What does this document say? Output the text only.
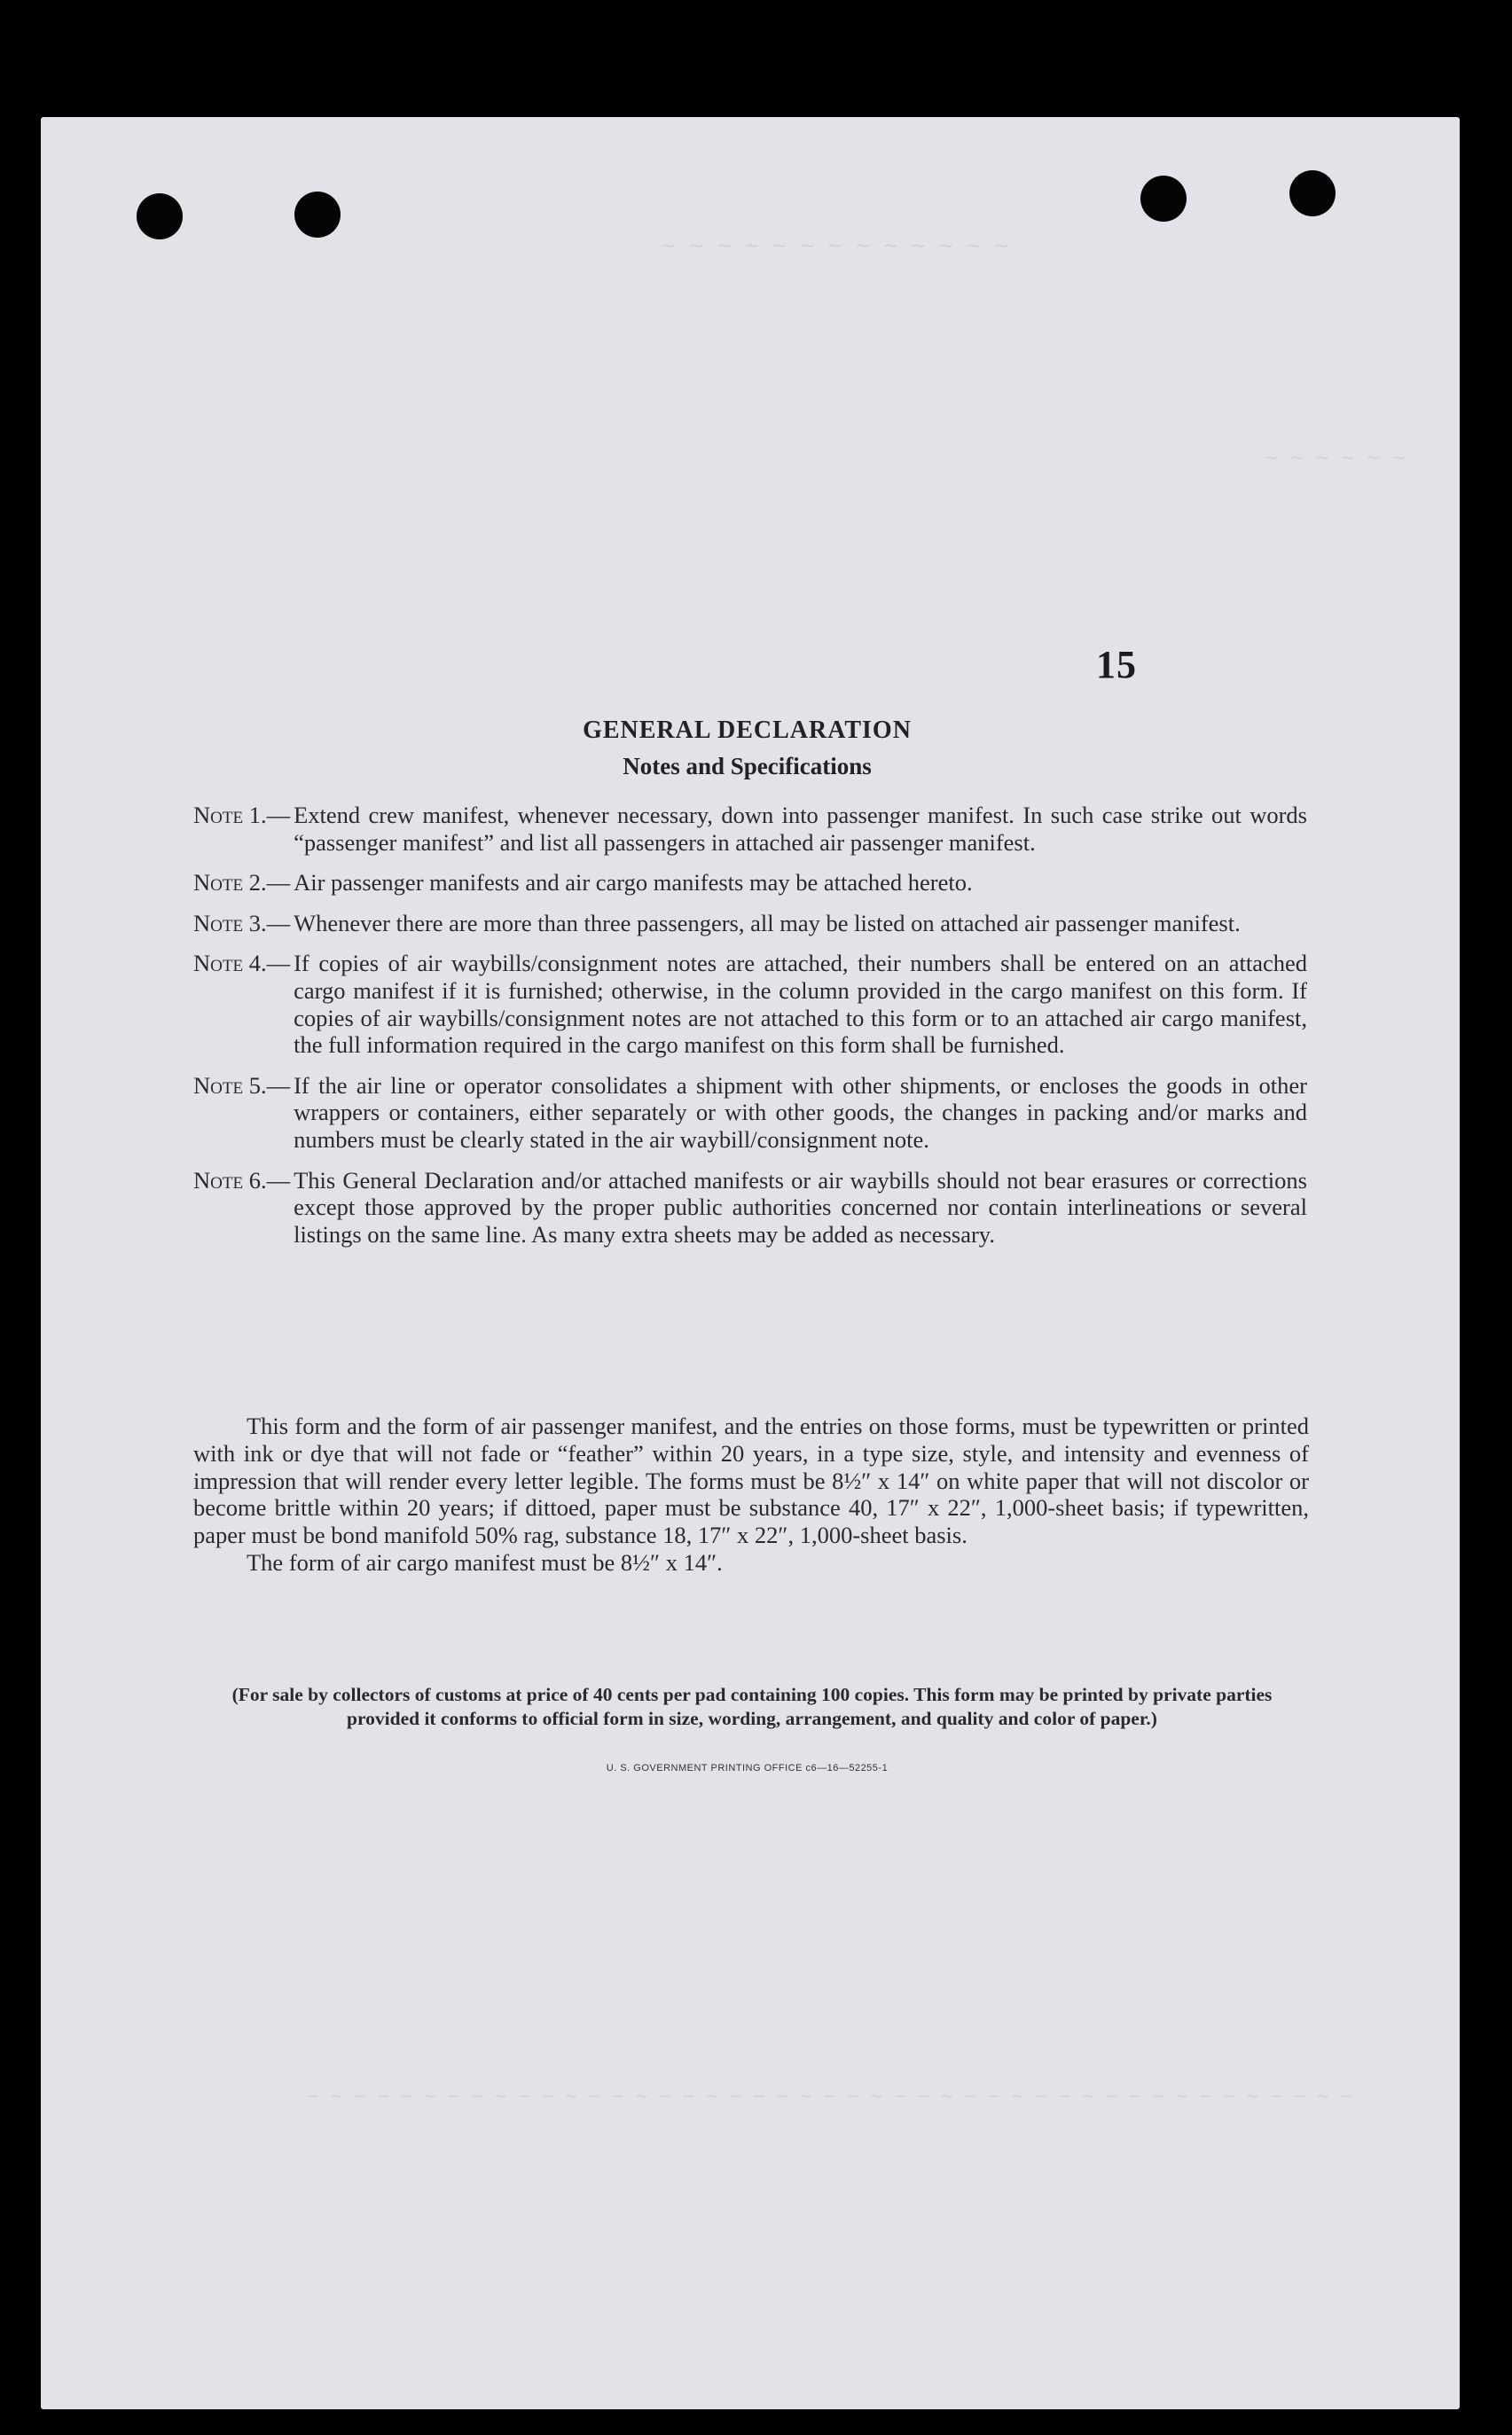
~ ~ ~ ~ ~ ~ ~ ~ ~ ~ ~ ~ ~
~ ~ ~ ~ ~ ~
~ ~ ~ ~ ~ ~ ~ ~ ~ ~ ~ ~ ~ ~ ~ ~ ~ ~ ~ ~ ~ ~ ~ ~ ~ ~ ~ ~ ~ ~ ~ ~ ~ ~ ~ ~ ~ ~ ~ ~ ~ ~ ~ ~ ~
15
GENERAL DECLARATION
Notes and Specifications
Note 1.— Extend crew manifest, whenever necessary, down into passenger manifest. In such case strike out words “passenger manifest” and list all passengers in attached air passenger manifest.
Note 2.— Air passenger manifests and air cargo manifests may be attached hereto.
Note 3.— Whenever there are more than three passengers, all may be listed on attached air passenger manifest.
Note 4.— If copies of air waybills/consignment notes are attached, their numbers shall be entered on an attached cargo manifest if it is furnished; otherwise, in the column provided in the cargo manifest on this form. If copies of air waybills/consignment notes are not attached to this form or to an attached air cargo manifest, the full information required in the cargo manifest on this form shall be furnished.
Note 5.— If the air line or operator consolidates a shipment with other shipments, or encloses the goods in other wrappers or containers, either separately or with other goods, the changes in packing and/or marks and numbers must be clearly stated in the air waybill/consignment note.
Note 6.— This General Declaration and/or attached manifests or air waybills should not bear erasures or corrections except those approved by the proper public authorities concerned nor contain interlineations or several listings on the same line. As many extra sheets may be added as necessary.

This form and the form of air passenger manifest, and the entries on those forms, must be typewritten or printed with ink or dye that will not fade or “feather” within 20 years, in a type size, style, and intensity and evenness of impression that will render every letter legible. The forms must be 8½″ x 14″ on white paper that will not discolor or become brittle within 20 years; if dittoed, paper must be substance 40, 17″ x 22″, 1,000-sheet basis; if typewritten, paper must be bond manifold 50% rag, substance 18, 17″ x 22″, 1,000-sheet basis.

The form of air cargo manifest must be 8½″ x 14″.

(For sale by collectors of customs at price of 40 cents per pad containing 100 copies. This form may be printed by private parties provided it conforms to official form in size, wording, arrangement, and quality and color of paper.)
U. S. GOVERNMENT PRINTING OFFICE c6—16—52255-1
